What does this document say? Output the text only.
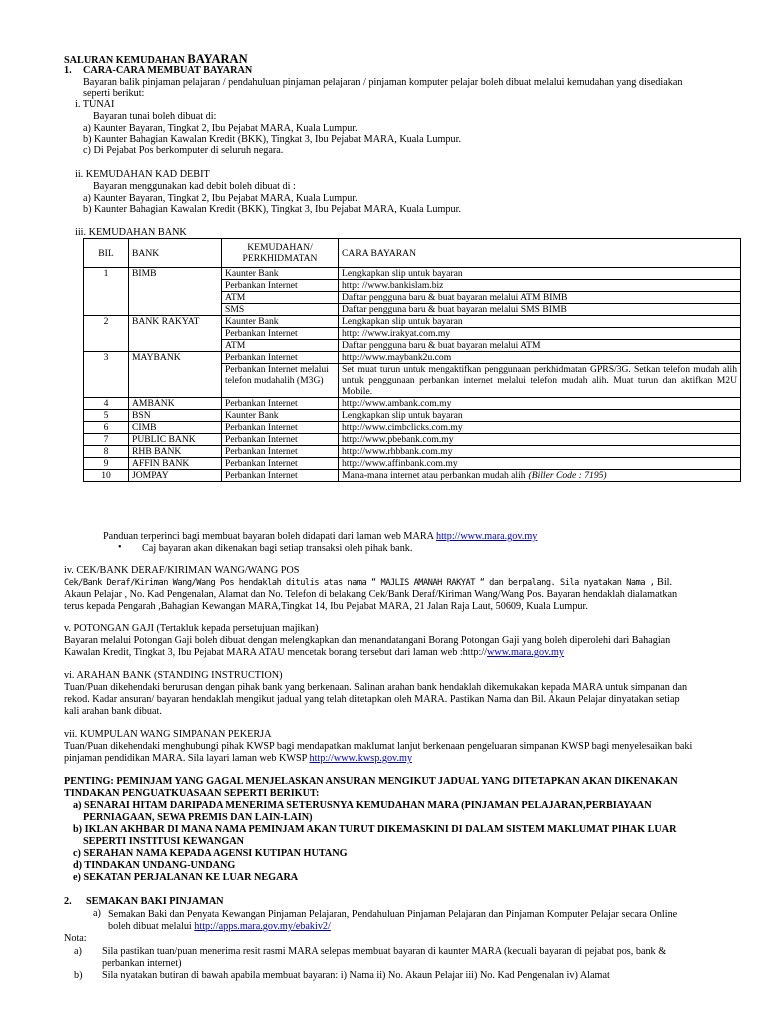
SALURAN KEMUDAHAN BAYARAN
1. CARA-CARA MEMBUAT BAYARAN
Bayaran balik pinjaman pelajaran / pendahuluan pinjaman pelajaran / pinjaman komputer pelajar boleh dibuat melalui kemudahan yang disediakan
seperti berikut:
i. TUNAI
Bayaran tunai boleh dibuat di:
a) Kaunter Bayaran, Tingkat 2, Ibu Pejabat MARA, Kuala Lumpur.
b) Kaunter Bahagian Kawalan Kredit (BKK), Tingkat 3, Ibu Pejabat MARA, Kuala Lumpur.
c) Di Pejabat Pos berkomputer di seluruh negara.
ii. KEMUDAHAN KAD DEBIT
Bayaran menggunakan kad debit boleh dibuat di :
a) Kaunter Bayaran, Tingkat 2, Ibu Pejabat MARA, Kuala Lumpur.
b) Kaunter Bahagian Kawalan Kredit (BKK), Tingkat 3, Ibu Pejabat MARA, Kuala Lumpur.
iii. KEMUDAHAN BANK
BIL	BANK	KEMUDAHAN/
PERKHIDMATAN	CARA BAYARAN
1	BIMB	Kaunter Bank	Lengkapkan slip untuk bayaran
		Perbankan Internet	http: //www.bankislam.biz
		ATM	Daftar pengguna baru & buat bayaran melalui ATM BIMB
		SMS	Daftar pengguna baru & buat bayaran melalui SMS BIMB
2	BANK RAKYAT	Kaunter Bank	Lengkapkan slip untuk bayaran
		Perbankan Internet	http: //www.irakyat.com.my
		ATM	Daftar pengguna baru & buat bayaran melalui ATM
3	MAYBANK	Perbankan Internet	http://www.maybank2u.com
		Perbankan Internet melalui telefon mudahalih (M3G)	Set muat turun untuk mengaktifkan penggunaan perkhidmatan GPRS/3G. Setkan telefon mudah alih untuk penggunaan perbankan internet melalui telefon mudah alih. Muat turun dan aktifkan M2U Mobile.
4	AMBANK	Perbankan Internet	http://www.ambank.com.my
5	BSN	Kaunter Bank	Lengkapkan slip untuk bayaran
6	CIMB	Perbankan Internet	http://www.cimbclicks.com.my
7	PUBLIC BANK	Perbankan Internet	http://www.pbebank.com.my
8	RHB BANK	Perbankan Internet	http://www.rhbbank.com.my
9	AFFIN BANK	Perbankan Internet	http://www.affinbank.com.my
10	JOMPAY	Perbankan Internet	Mana-mana internet atau perbankan mudah alih (Biller Code : 7195)
Panduan terperinci bagi membuat bayaran boleh didapati dari laman web MARA http://www.mara.gov.my
• Caj bayaran akan dikenakan bagi setiap transaksi oleh pihak bank.
iv. CEK/BANK DERAF/KIRIMAN WANG/WANG POS
Cek/Bank Deraf/Kiriman Wang/Wang Pos hendaklah ditulis atas nama “ MAJLIS AMANAH RAKYAT “ dan berpalang. Sila nyatakan Nama , Bil.
Akaun Pelajar , No. Kad Pengenalan, Alamat dan No. Telefon di belakang Cek/Bank Deraf/Kiriman Wang/Wang Pos. Bayaran hendaklah dialamatkan
terus kepada Pengarah ,Bahagian Kewangan MARA,Tingkat 14, Ibu Pejabat MARA, 21 Jalan Raja Laut, 50609, Kuala Lumpur.
v. POTONGAN GAJI (Tertakluk kepada persetujuan majikan)
Bayaran melalui Potongan Gaji boleh dibuat dengan melengkapkan dan menandatangani Borang Potongan Gaji yang boleh diperolehi dari Bahagian
Kawalan Kredit, Tingkat 3, Ibu Pejabat MARA ATAU mencetak borang tersebut dari laman web :http://www.mara.gov.my
vi. ARAHAN BANK (STANDING INSTRUCTION)
Tuan/Puan dikehendaki berurusan dengan pihak bank yang berkenaan. Salinan arahan bank hendaklah dikemukakan kepada MARA untuk simpanan dan
rekod. Kadar ansuran/ bayaran hendaklah mengikut jadual yang telah ditetapkan oleh MARA. Pastikan Nama dan Bil. Akaun Pelajar dinyatakan setiap
kali arahan bank dibuat.
vii. KUMPULAN WANG SIMPANAN PEKERJA
Tuan/Puan dikehendaki menghubungi pihak KWSP bagi mendapatkan maklumat lanjut berkenaan pengeluaran simpanan KWSP bagi menyelesaikan baki
pinjaman pendidikan MARA. Sila layari laman web KWSP http://www.kwsp.gov.my
PENTING: PEMINJAM YANG GAGAL MENJELASKAN ANSURAN MENGIKUT JADUAL YANG DITETAPKAN AKAN DIKENAKAN
TINDAKAN PENGUATKUASAAN SEPERTI BERIKUT:
a) SENARAI HITAM DARIPADA MENERIMA SETERUSNYA KEMUDAHAN MARA (PINJAMAN PELAJARAN,PERBIAYAAN
PERNIAGAAN, SEWA PREMIS DAN LAIN-LAIN)
b) IKLAN AKHBAR DI MANA NAMA PEMINJAM AKAN TURUT DIKEMASKINI DI DALAM SISTEM MAKLUMAT PIHAK LUAR
SEPERTI INSTITUSI KEWANGAN
c) SERAHAN NAMA KEPADA AGENSI KUTIPAN HUTANG
d) TINDAKAN UNDANG-UNDANG
e) SEKATAN PERJALANAN KE LUAR NEGARA
2. SEMAKAN BAKI PINJAMAN
a) Semakan Baki dan Penyata Kewangan Pinjaman Pelajaran, Pendahuluan Pinjaman Pelajaran dan Pinjaman Komputer Pelajar secara Online
boleh dibuat melalui http://apps.mara.gov.my/ebakiv2/
Nota:
a) Sila pastikan tuan/puan menerima resit rasmi MARA selepas membuat bayaran di kaunter MARA (kecuali bayaran di pejabat pos, bank &
perbankan internet)
b) Sila nyatakan butiran di bawah apabila membuat bayaran: i) Nama ii) No. Akaun Pelajar iii) No. Kad Pengenalan iv) Alamat
